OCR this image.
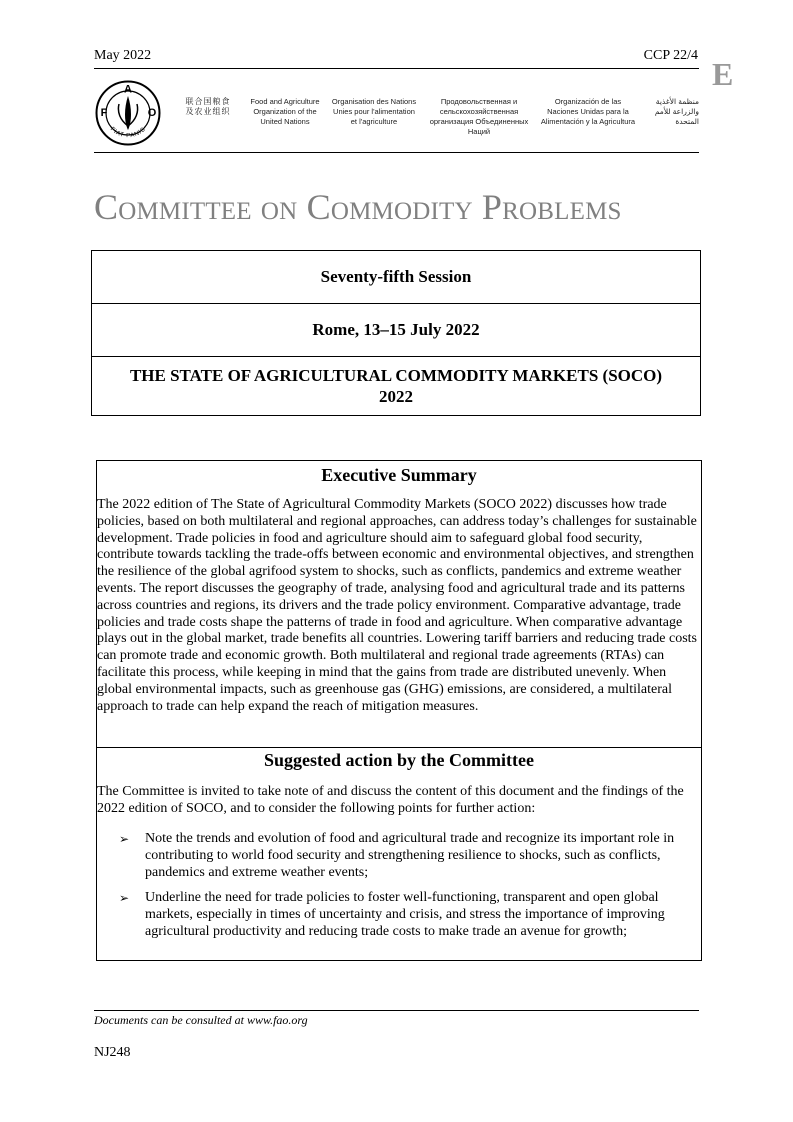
May 2022	CCP 22/4
E
A
F	O
FIAT PANIS
联合国粮食及农业组织
Food and Agriculture Organization of the United Nations
Organisation des Nations Unies pour l'alimentation et l'agriculture
Продовольственная и сельскохозяйственная организация Объединенных Наций
Organización de las Naciones Unidas para la Alimentación y la Agricultura
منظمة الأغذية والزراعة للأمم المتحدة
Committee on Commodity Problems
Seventy-fifth Session
Rome, 13–15 July 2022
THE STATE OF AGRICULTURAL COMMODITY MARKETS (SOCO) 2022
Executive Summary
The 2022 edition of The State of Agricultural Commodity Markets (SOCO 2022) discusses how trade policies, based on both multilateral and regional approaches, can address today’s challenges for sustainable development. Trade policies in food and agriculture should aim to safeguard global food security, contribute towards tackling the trade-offs between economic and environmental objectives, and strengthen the resilience of the global agrifood system to shocks, such as conflicts, pandemics and extreme weather events. The report discusses the geography of trade, analysing food and agricultural trade and its patterns across countries and regions, its drivers and the trade policy environment. Comparative advantage, trade policies and trade costs shape the patterns of trade in food and agriculture. When comparative advantage plays out in the global market, trade benefits all countries. Lowering tariff barriers and reducing trade costs can promote trade and economic growth. Both multilateral and regional trade agreements (RTAs) can facilitate this process, while keeping in mind that the gains from trade are distributed unevenly. When global environmental impacts, such as greenhouse gas (GHG) emissions, are considered, a multilateral approach to trade can help expand the reach of mitigation measures.
Suggested action by the Committee
The Committee is invited to take note of and discuss the content of this document and the findings of the 2022 edition of SOCO, and to consider the following points for further action:
➢ Note the trends and evolution of food and agricultural trade and recognize its important role in contributing to world food security and strengthening resilience to shocks, such as conflicts, pandemics and extreme weather events;
➢ Underline the need for trade policies to foster well-functioning, transparent and open global markets, especially in times of uncertainty and crisis, and stress the importance of improving agricultural productivity and reducing trade costs to make trade an avenue for growth;
Documents can be consulted at www.fao.org
NJ248
